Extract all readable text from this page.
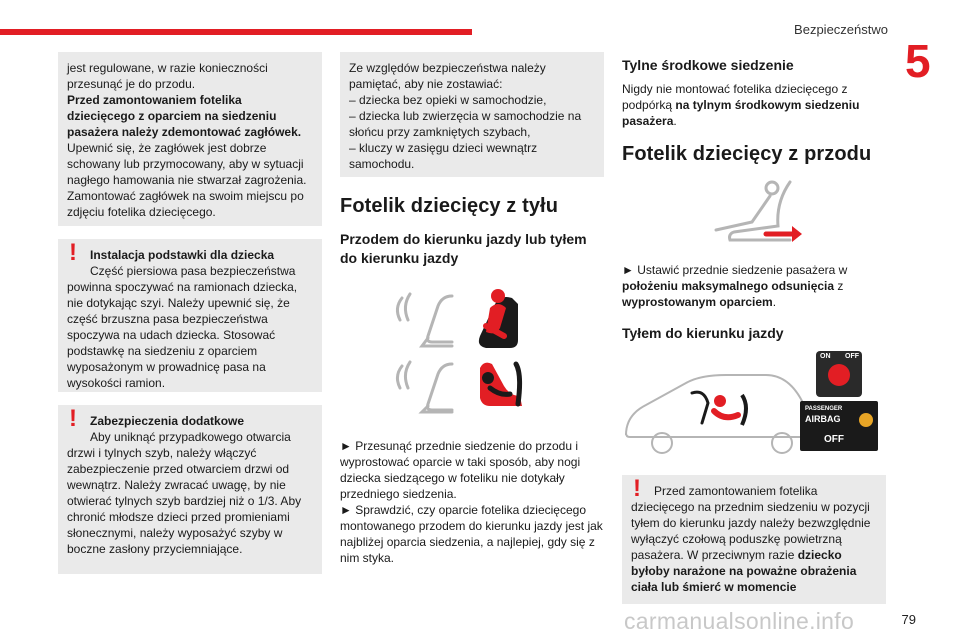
Bezpieczeństwo
5

jest regulowane, w razie konieczności

przesunąć je do przodu.

Przed zamontowaniem fotelika dziecięcego z oparciem na siedzeniu pasażera należy zdemontować zagłówek.

Upewnić się, że zagłówek jest dobrze schowany lub przymocowany, aby w sytuacji nagłego hamowania nie stwarzał zagrożenia. Zamontować zagłówek na swoim miejscu po zdjęciu fotelika dziecięcego.

!	Instalacja podstawki dla dziecka

Część piersiowa pasa bezpieczeństwa

powinna spoczywać na ramionach dziecka, nie dotykając szyi. Należy upewnić się, że część brzuszna pasa bezpieczeństwa spoczywa na udach dziecka. Stosować podstawkę na siedzeniu z oparciem wyposażonym w prowadnicę pasa na wysokości ramion.

!	Zabezpieczenia dodatkowe

Aby uniknąć przypadkowego otwarcia

drzwi i tylnych szyb, należy włączyć zabezpieczenie przed otwarciem drzwi od wewnątrz. Należy zwracać uwagę, by nie otwierać tylnych szyb bardziej niż o 1/3. Aby chronić młodsze dzieci przed promieniami słonecznymi, należy wyposażyć szyby w boczne zasłony przyciemniające.

Ze względów bezpieczeństwa należy pamiętać, aby nie zostawiać:

– dziecka bez opieki w samochodzie,

– dziecka lub zwierzęcia w samochodzie na słońcu przy zamkniętych szybach,

– kluczy w zasięgu dzieci wewnątrz samochodu.

Fotelik dziecięcy z tyłu

Przodem do kierunku jazdy lub tyłem do kierunku jazdy

► Przesunąć przednie siedzenie do przodu i wyprostować oparcie w taki sposób, aby nogi dziecka siedzącego w foteliku nie dotykały przedniego siedzenia.

► Sprawdzić, czy oparcie fotelika dziecięcego montowanego przodem do kierunku jazdy jest jak najbliżej oparcia siedzenia, a najlepiej, gdy się z nim styka.

Tylne środkowe siedzenie

Nigdy nie montować fotelika dziecięcego z podpórką na tylnym środkowym siedzeniu pasażera.

Fotelik dziecięcy z przodu

► Ustawić przednie siedzenie pasażera w położeniu maksymalnego odsunięcia z wyprostowanym oparciem.

Tyłem do kierunku jazdy

ON OFF
PASSENGER
AIRBAG
OFF
!	Przed zamontowaniem fotelika

dziecięcego na przednim siedzeniu w pozycji tyłem do kierunku jazdy należy bezwzględnie wyłączyć czołową poduszkę powietrzną pasażera. W przeciwnym razie dziecko byłoby narażone na poważne obrażenia ciała lub śmierć w momencie

carmanualsonline.info	79
